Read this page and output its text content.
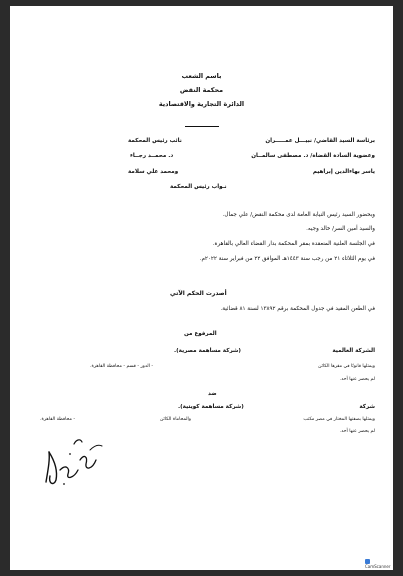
باسم الشعب
محكمة النقض
الدائرة التجارية والاقتصادية
برئاسة السيد القاضي/ نبيـــل عمـــــران
نائب رئيس المحكمة
وعضوية السادة القضاة/ د. مصطفى سالمــان
د. محمــد رجــاء
ياسر بهاءالدين إبراهيم
ومحمد علي سلامة
نـواب رئيس المحكمة
وبحضور السيد رئيس النيابة العامة لدى محكمة النقض/ علي جمال.
والسيد أمين السر/ خالد وجيه.
في الجلسة العلنية المنعقدة بمقر المحكمة بدار القضاء العالي بالقاهرة.
في يوم الثلاثاء ٢١ من رجب سنة ١٤٤٣هـ الموافق ٢٢ من فبراير سنة ٢٠٢٢م.
أصدرت الحكم الآتي
في الطعن المقيد في جدول المحكمة برقم ١٣٨٩٢ لسنة ٨١ قضائية.
المرفوع من
الشركة العالمية
(شركة مساهمة مصرية).
ويمثلها قانونًا في مقرها الكائن
- الدور - قسم - محافظة القاهرة.
لم يحضر عنها أحد.
ضد
شركة
(شركة مساهمة كويتية).
ويمثلها بصفتها المختار في مصر مكتب
والمحاماة الكائن
- محافظة القاهرة.
لم يحضر عنها أحد.
CamScanner
